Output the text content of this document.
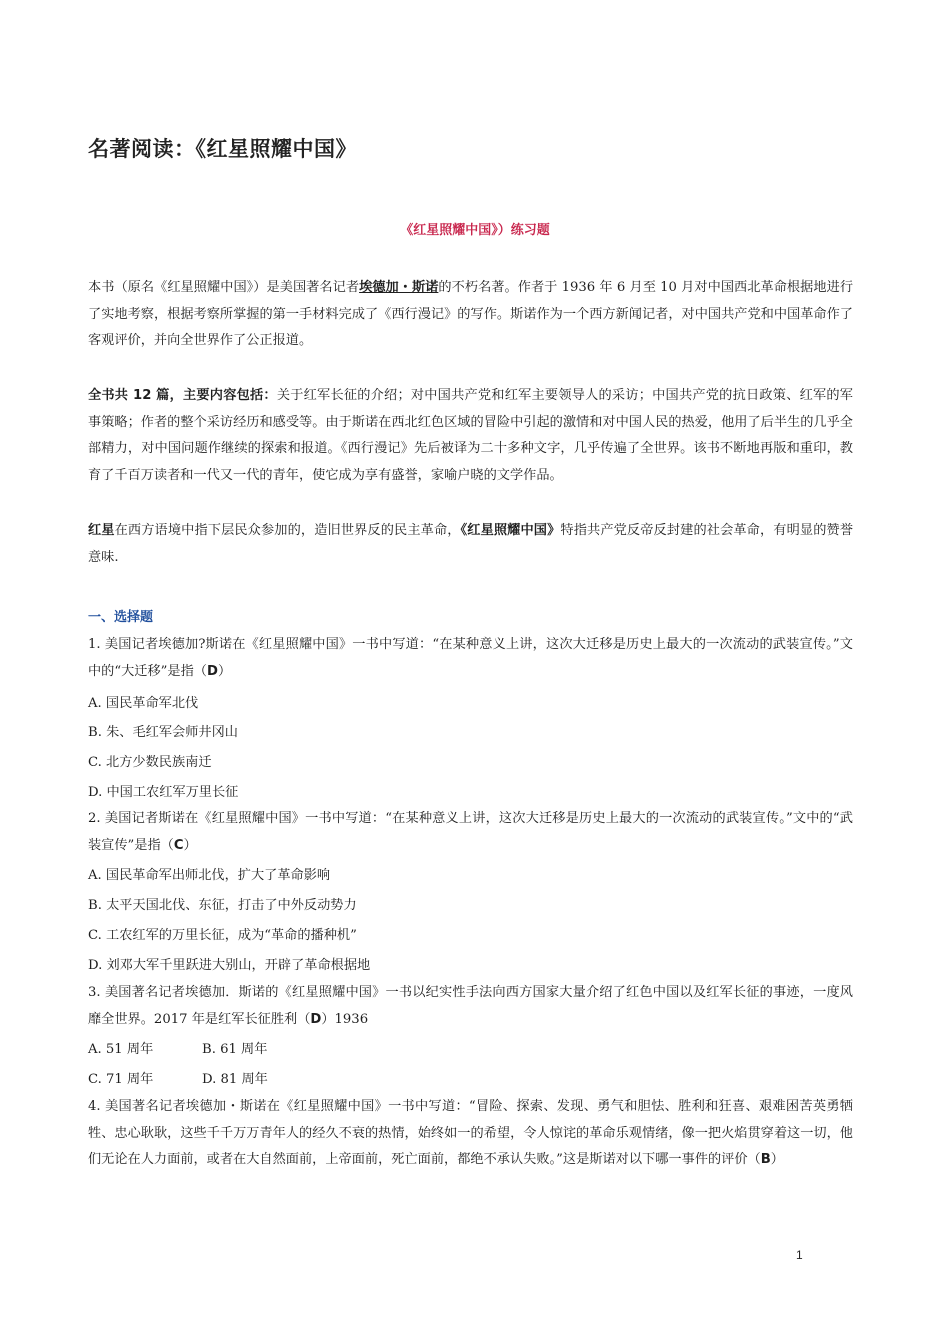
名著阅读：《红星照耀中国》
《红星照耀中国》）练习题
本书（原名《红星照耀中国》）是美国著名记者埃德加・斯诺的不朽名著。作者于 1936 年 6 月至 10 月对中国西北革命根据地进行了实地考察，根据考察所掌握的第一手材料完成了《西行漫记》的写作。斯诺作为一个西方新闻记者，对中国共产党和中国革命作了客观评价，并向全世界作了公正报道。
全书共 12 篇，主要内容包括：关于红军长征的介绍；对中国共产党和红军主要领导人的采访；中国共产党的抗日政策、红军的军事策略；作者的整个采访经历和感受等。由于斯诺在西北红色区域的冒险中引起的激情和对中国人民的热爱，他用了后半生的几乎全部精力，对中国问题作继续的探索和报道。《西行漫记》先后被译为二十多种文字，几乎传遍了全世界。该书不断地再版和重印，教育了千百万读者和一代又一代的青年，使它成为享有盛誉，家喻户晓的文学作品。
红星在西方语境中指下层民众参加的，造旧世界反的民主革命，《红星照耀中国》特指共产党反帝反封建的社会革命，有明显的赞誉意味.
一、选择题
1. 美国记者埃德加?斯诺在《红星照耀中国》一书中写道：“在某种意义上讲，这次大迁移是历史上最大的一次流动的武装宣传。”文中的“大迁移”是指（D）
A. 国民革命军北伐
B. 朱、毛红军会师井冈山
C. 北方少数民族南迁
D. 中国工农红军万里长征
2. 美国记者斯诺在《红星照耀中国》一书中写道：“在某种意义上讲，这次大迁移是历史上最大的一次流动的武装宣传。”文中的“武装宣传”是指（C）
A. 国民革命军出师北伐，扩大了革命影响
B. 太平天国北伐、东征，打击了中外反动势力
C. 工农红军的万里长征，成为“革命的播种机”
D. 刘邓大军千里跃进大别山，开辟了革命根据地
3. 美国著名记者埃德加．斯诺的《红星照耀中国》一书以纪实性手法向西方国家大量介绍了红色中国以及红军长征的事迹，一度风靡全世界。2017 年是红军长征胜利（D）1936
A. 51 周年	B. 61 周年
C. 71 周年	D. 81 周年
4. 美国著名记者埃德加・斯诺在《红星照耀中国》一书中写道：“冒险、探索、发现、勇气和胆怯、胜利和狂喜、艰难困苦英勇牺牲、忠心耿耿，这些千千万万青年人的经久不衰的热情，始终如一的希望，令人惊诧的革命乐观情绪，像一把火焰贯穿着这一切，他们无论在人力面前，或者在大自然面前，上帝面前，死亡面前，都绝不承认失败。”这是斯诺对以下哪一事件的评价（B）
1
